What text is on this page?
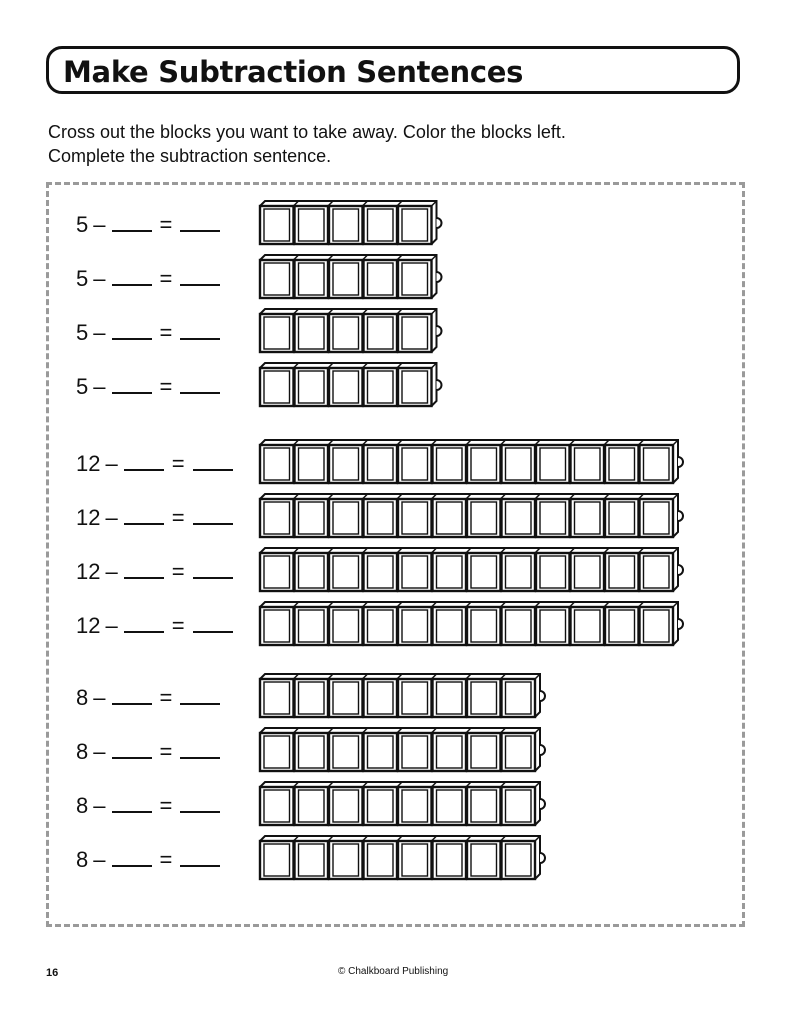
Make Subtraction Sentences
Cross out the blocks you want to take away. Color the blocks left.
Complete the subtraction sentence.
5– =
5– =
5– =
5– =
12– =
12– =
12– =
12– =
8– =
8– =
8– =
8– =
16	© Chalkboard Publishing
